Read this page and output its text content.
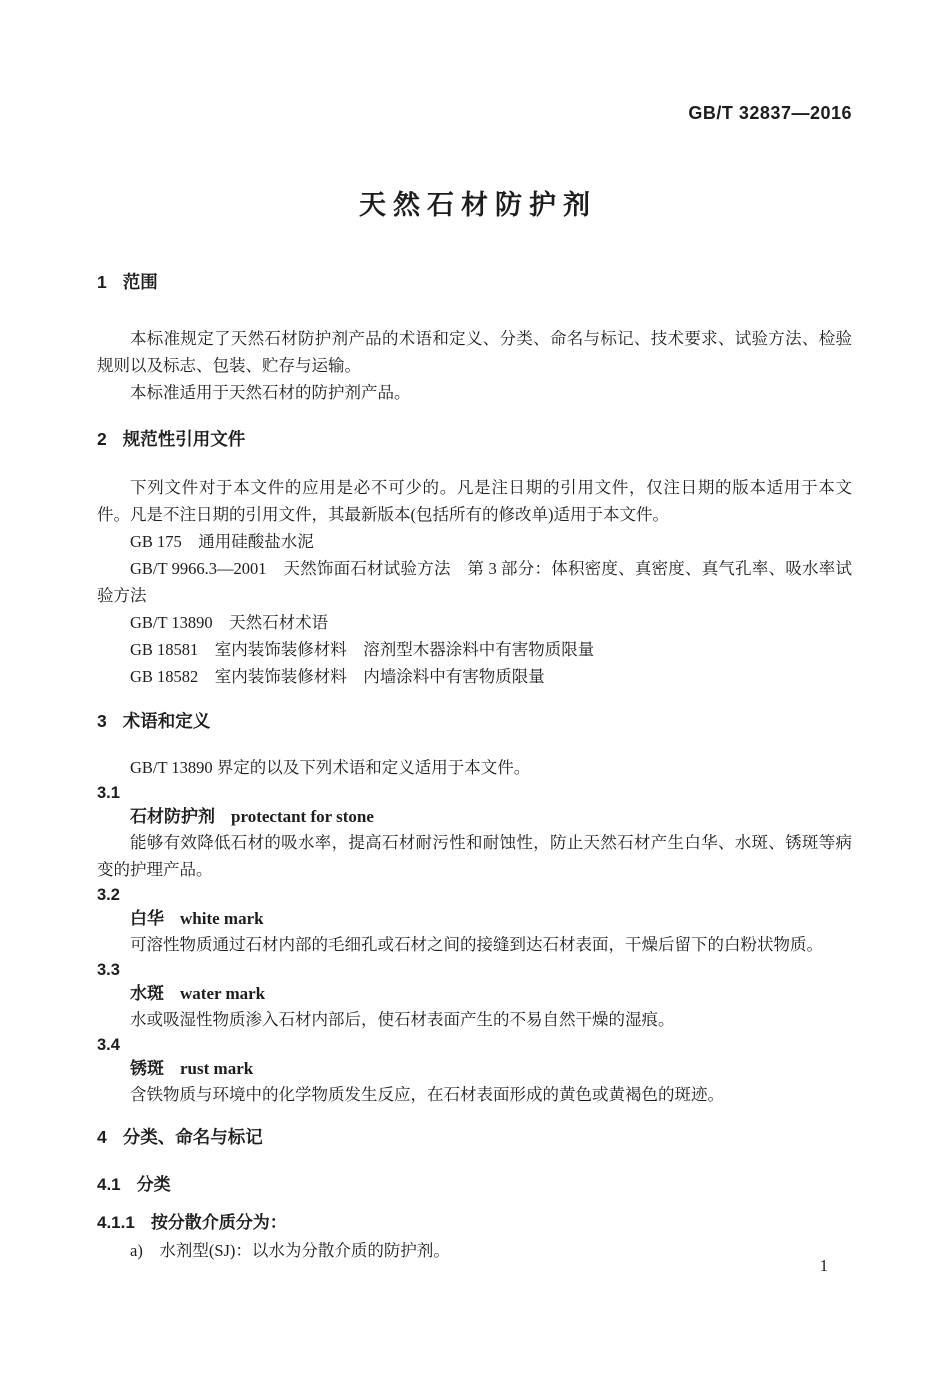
GB/T 32837—2016
天然石材防护剂
1 范围

本标准规定了天然石材防护剂产品的术语和定义、分类、命名与标记、技术要求、试验方法、检验规则以及标志、包装、贮存与运输。

本标准适用于天然石材的防护剂产品。

2 规范性引用文件

下列文件对于本文件的应用是必不可少的。凡是注日期的引用文件，仅注日期的版本适用于本文件。凡是不注日期的引用文件，其最新版本(包括所有的修改单)适用于本文件。

GB 175　通用硅酸盐水泥

GB/T 9966.3—2001　天然饰面石材试验方法　第 3 部分：体积密度、真密度、真气孔率、吸水率试验方法

GB/T 13890　天然石材术语

GB 18581　室内装饰装修材料　溶剂型木器涂料中有害物质限量

GB 18582　室内装饰装修材料　内墙涂料中有害物质限量

3 术语和定义

GB/T 13890 界定的以及下列术语和定义适用于本文件。

3.1
石材防护剂 protectant for stone

能够有效降低石材的吸水率，提高石材耐污性和耐蚀性，防止天然石材产生白华、水斑、锈斑等病变的护理产品。

3.2
白华 white mark

可溶性物质通过石材内部的毛细孔或石材之间的接缝到达石材表面，干燥后留下的白粉状物质。

3.3
水斑 water mark

水或吸湿性物质渗入石材内部后，使石材表面产生的不易自然干燥的湿痕。

3.4
锈斑 rust mark

含铁物质与环境中的化学物质发生反应，在石材表面形成的黄色或黄褐色的斑迹。

4 分类、命名与标记
4.1 分类
4.1.1 按分散介质分为：

a)　水剂型(SJ)：以水为分散介质的防护剂。

1
